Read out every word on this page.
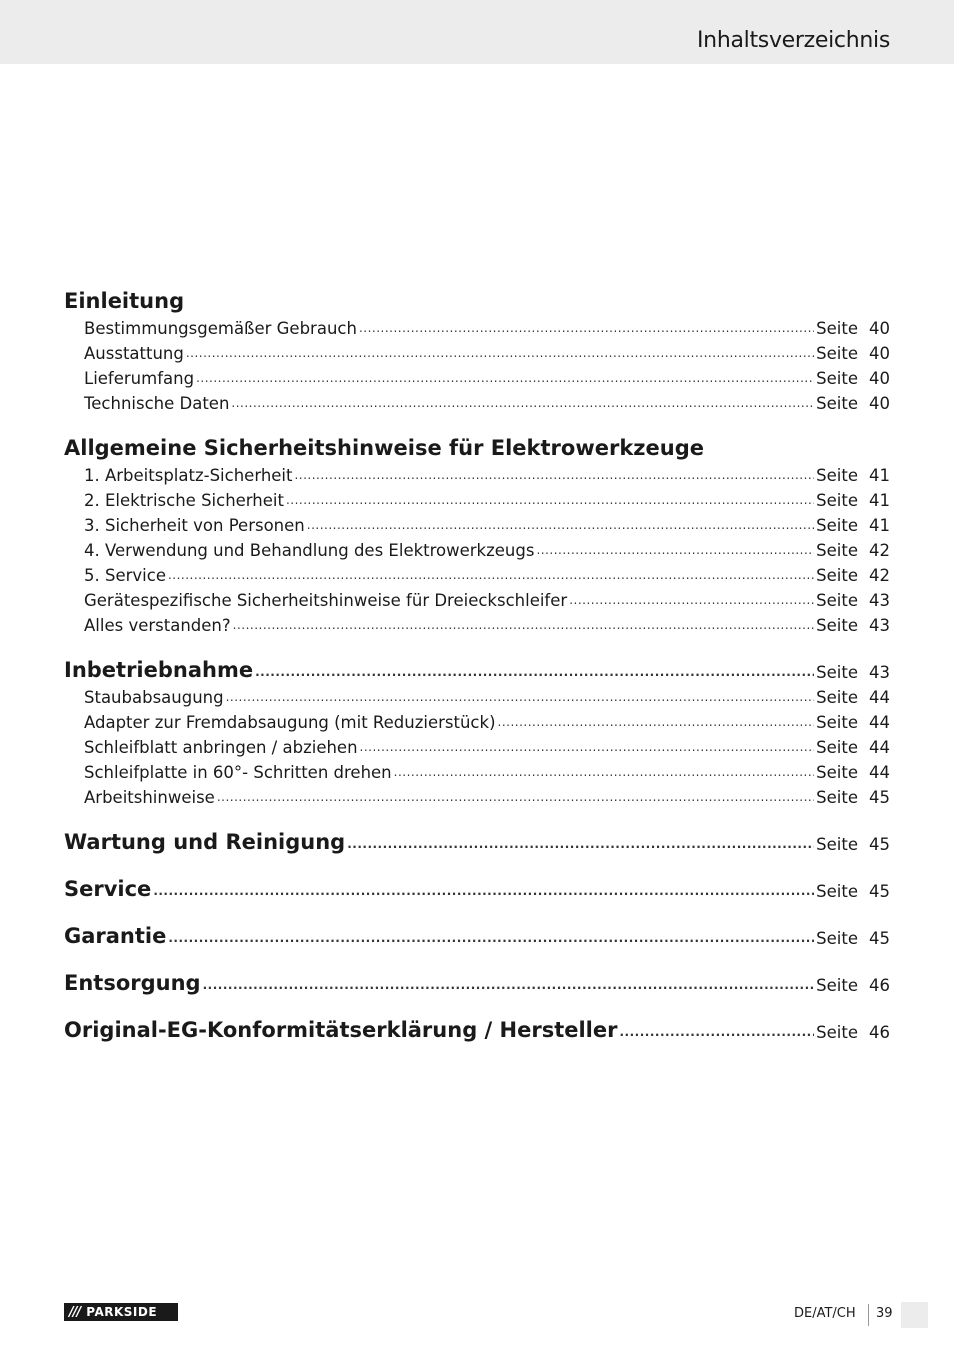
Inhaltsverzeichnis
Einleitung
Bestimmungsgemäßer Gebrauch .....	Seite 40
Ausstattung .....	Seite 40
Lieferumfang .....	Seite 40
Technische Daten .....	Seite 40
Allgemeine Sicherheitshinweise für Elektrowerkzeuge
1. Arbeitsplatz-Sicherheit .....	Seite 41
2. Elektrische Sicherheit .....	Seite 41
3. Sicherheit von Personen .....	Seite 41
4. Verwendung und Behandlung des Elektrowerkzeugs .....	Seite 42
5. Service .....	Seite 42
Gerätespezifische Sicherheitshinweise für Dreieckschleifer .....	Seite 43
Alles verstanden? .....	Seite 43
Inbetriebnahme .....	Seite 43
Staubabsaugung .....	Seite 44
Adapter zur Fremdabsaugung (mit Reduzierstück) .....	Seite 44
Schleifblatt anbringen / abziehen .....	Seite 44
Schleifplatte in 60°- Schritten drehen .....	Seite 44
Arbeitshinweise .....	Seite 45
Wartung und Reinigung .....	Seite 45
Service .....	Seite 45
Garantie .....	Seite 45
Entsorgung .....	Seite 46
Original-EG-Konformitätserklärung / Hersteller .....	Seite 46
/// PARKSIDE	DE/AT/CH 39
